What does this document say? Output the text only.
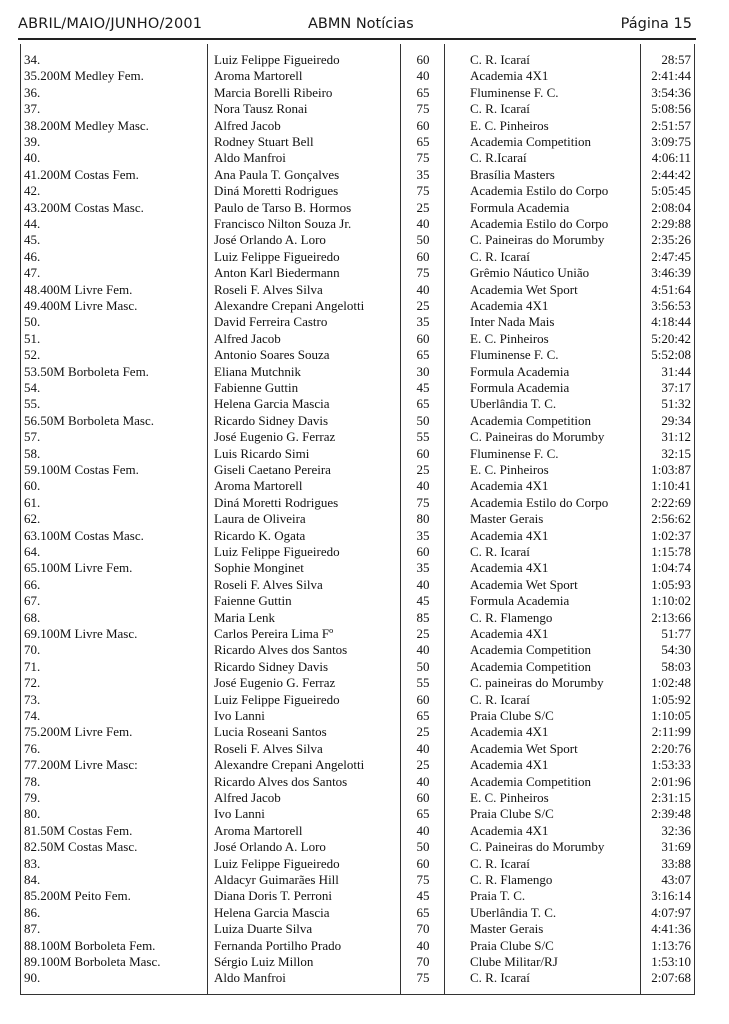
ABRIL/MAIO/JUNHO/2001	ABMN Notícias	Página 15
34.	Luiz Felippe Figueiredo	60	C. R. Icaraí	28:57
35.200M Medley Fem.	Aroma Martorell	40	Academia 4X1	2:41:44
36.	Marcia Borelli Ribeiro	65	Fluminense F. C.	3:54:36
37.	Nora Tausz Ronai	75	C. R. Icaraí	5:08:56
38.200M Medley Masc.	Alfred Jacob	60	E. C. Pinheiros	2:51:57
39.	Rodney Stuart Bell	65	Academia Competition	3:09:75
40.	Aldo Manfroi	75	C. R.Icaraí	4:06:11
41.200M Costas Fem.	Ana Paula T. Gonçalves	35	Brasília Masters	2:44:42
42.	Diná Moretti Rodrigues	75	Academia Estilo do Corpo	5:05:45
43.200M Costas Masc.	Paulo de Tarso B. Hormos	25	Formula Academia	2:08:04
44.	Francisco Nilton Souza Jr.	40	Academia Estilo do Corpo	2:29:88
45.	José Orlando A. Loro	50	C. Paineiras do Morumby	2:35:26
46.	Luiz Felippe Figueiredo	60	C. R. Icaraí	2:47:45
47.	Anton Karl Biedermann	75	Grêmio Náutico União	3:46:39
48.400M Livre Fem.	Roseli F. Alves Silva	40	Academia Wet Sport	4:51:64
49.400M Livre Masc.	Alexandre Crepani Angelotti	25	Academia 4X1	3:56:53
50.	David Ferreira Castro	35	Inter Nada Mais	4:18:44
51.	Alfred Jacob	60	E. C. Pinheiros	5:20:42
52.	Antonio Soares Souza	65	Fluminense F. C.	5:52:08
53.50M Borboleta Fem.	Eliana Mutchnik	30	Formula Academia	31:44
54.	Fabienne Guttin	45	Formula Academia	37:17
55.	Helena Garcia Mascia	65	Uberlândia T. C.	51:32
56.50M Borboleta Masc.	Ricardo Sidney Davis	50	Academia Competition	29:34
57.	José Eugenio G. Ferraz	55	C. Paineiras do Morumby	31:12
58.	Luis Ricardo Simi	60	Fluminense F. C.	32:15
59.100M Costas Fem.	Giseli Caetano Pereira	25	E. C. Pinheiros	1:03:87
60.	Aroma Martorell	40	Academia 4X1	1:10:41
61.	Diná Moretti Rodrigues	75	Academia Estilo do Corpo	2:22:69
62.	Laura de Oliveira	80	Master Gerais	2:56:62
63.100M Costas Masc.	Ricardo K. Ogata	35	Academia 4X1	1:02:37
64.	Luiz Felippe Figueiredo	60	C. R. Icaraí	1:15:78
65.100M Livre Fem.	Sophie Monginet	35	Academia 4X1	1:04:74
66.	Roseli F. Alves Silva	40	Academia Wet Sport	1:05:93
67.	Faienne Guttin	45	Formula Academia	1:10:02
68.	Maria Lenk	85	C. R. Flamengo	2:13:66
69.100M Livre Masc.	Carlos Pereira Lima Fº	25	Academia 4X1	51:77
70.	Ricardo Alves dos Santos	40	Academia Competition	54:30
71.	Ricardo Sidney Davis	50	Academia Competition	58:03
72.	José Eugenio G. Ferraz	55	C. paineiras do Morumby	1:02:48
73.	Luiz Felippe Figueiredo	60	C. R. Icaraí	1:05:92
74.	Ivo Lanni	65	Praia Clube S/C	1:10:05
75.200M Livre Fem.	Lucia Roseani Santos	25	Academia 4X1	2:11:99
76.	Roseli F. Alves Silva	40	Academia Wet Sport	2:20:76
77.200M Livre Masc:	Alexandre Crepani Angelotti	25	Academia 4X1	1:53:33
78.	Ricardo Alves dos Santos	40	Academia Competition	2:01:96
79.	Alfred Jacob	60	E. C. Pinheiros	2:31:15
80.	Ivo Lanni	65	Praia Clube S/C	2:39:48
81.50M Costas Fem.	Aroma Martorell	40	Academia 4X1	32:36
82.50M Costas Masc.	José Orlando A. Loro	50	C. Paineiras do Morumby	31:69
83.	Luiz Felippe Figueiredo	60	C. R. Icaraí	33:88
84.	Aldacyr Guimarães Hill	75	C. R. Flamengo	43:07
85.200M Peito Fem.	Diana Doris T. Perroni	45	Praia T. C.	3:16:14
86.	Helena Garcia Mascia	65	Uberlândia T. C.	4:07:97
87.	Luiza Duarte Silva	70	Master Gerais	4:41:36
88.100M Borboleta Fem.	Fernanda Portilho Prado	40	Praia Clube S/C	1:13:76
89.100M Borboleta Masc.	Sérgio Luiz Millon	70	Clube Militar/RJ	1:53:10
90.	Aldo Manfroi	75	C. R. Icaraí	2:07:68
